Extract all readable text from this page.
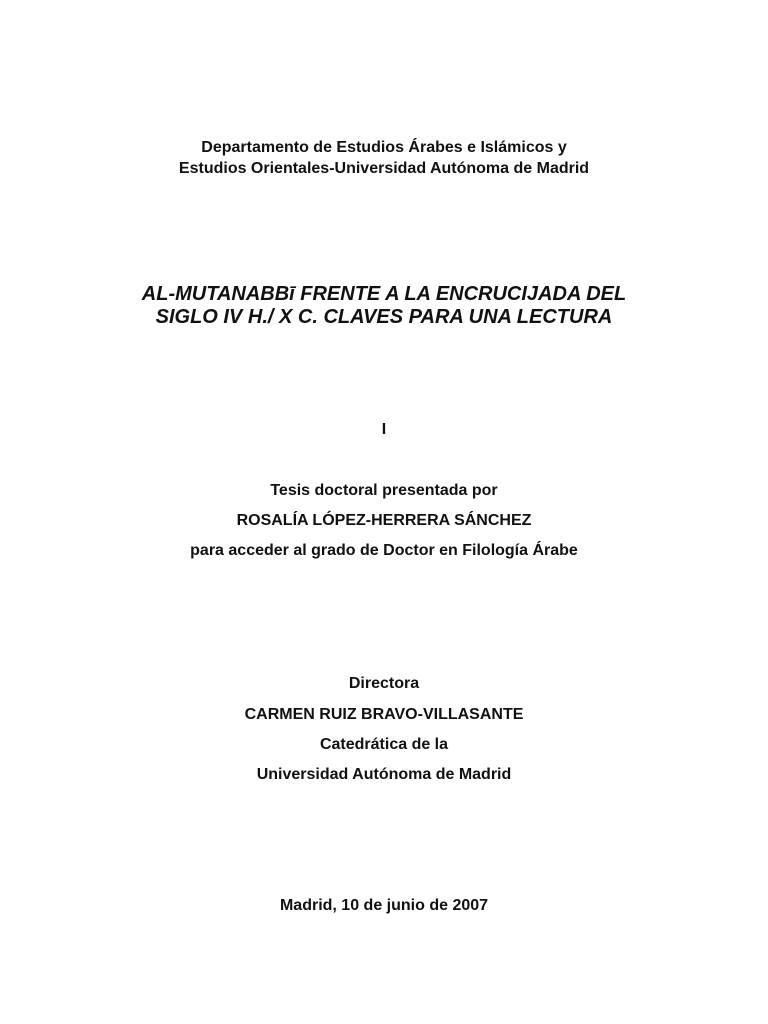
Departamento de Estudios Árabes e Islámicos y
Estudios Orientales-Universidad Autónoma de Madrid
AL-MUTANABBī FRENTE A LA ENCRUCIJADA DEL
SIGLO IV H./ X C. CLAVES PARA UNA LECTURA
I
Tesis doctoral presentada por
ROSALÍA LÓPEZ-HERRERA SÁNCHEZ
para acceder al grado de Doctor en Filología Árabe
Directora
CARMEN RUIZ BRAVO-VILLASANTE
Catedrática de la
Universidad Autónoma de Madrid
Madrid, 10 de junio de 2007
